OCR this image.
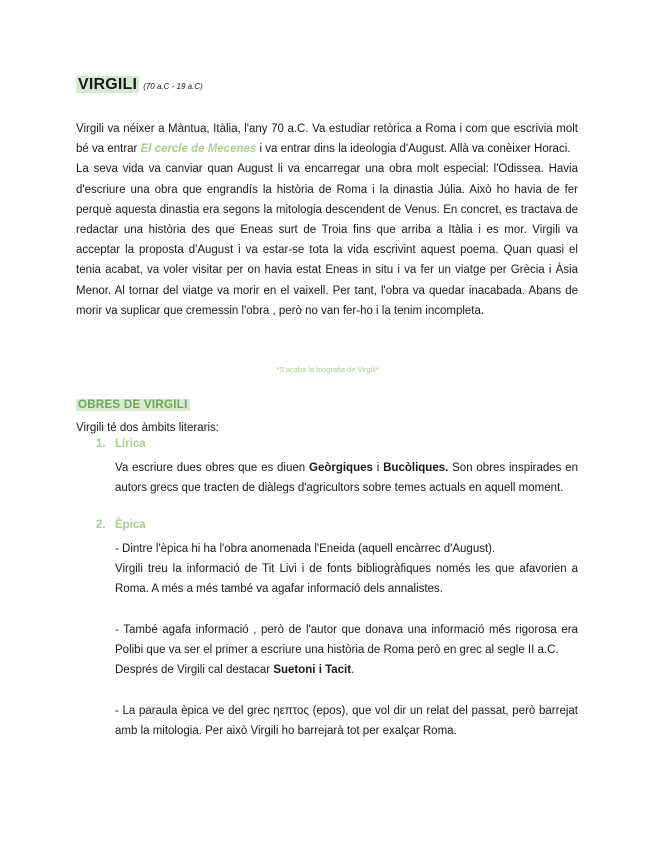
VIRGILI (70 a.C - 19 a.C)
Virgili va néixer a Màntua, Itàlia, l'any 70 a.C. Va estudiar retòrica a Roma i com que escrivia molt bé va entrar El cercle de Mecenes i va entrar dins la ideologia d'August. Allà va conèixer Horaci.
La seva vida va canviar quan August li va encarregar una obra molt especial: l'Odissea. Havia d'escriure una obra que engrandís la història de Roma i la dinastia Júlia. Això ho havia de fer perquè aquesta dinastia era segons la mitologia descendent de Venus. En concret, es tractava de redactar una història des que Eneas surt de Troia fins que arriba a Itàlia i es mor. Virgili va acceptar la proposta d'August i va estar-se tota la vida escrivint aquest poema. Quan quasi el tenia acabat, va voler visitar per on havia estat Eneas in situ i va fer un viatge per Grècia i Àsia Menor. Al tornar del viatge va morir en el vaixell. Per tant, l'obra va quedar inacabada. Abans de morir va suplicar que cremessin l'obra , però no van fer-ho i la tenim incompleta.
*S'acaba la biografia de Virgili*
OBRES DE VIRGILI
Virgili té dos àmbits literaris:
1. Lírica

Va escriure dues obres que es diuen Geòrgiques i Bucòliques. Son obres inspirades en autors grecs que tracten de diàlegs d'agricultors sobre temes actuals en aquell moment.

2. Èpica

- Dintre l'èpica hi ha l'obra anomenada l'Eneida (aquell encàrrec d'August).

Virgili treu la informació de Tit Livi i de fonts bibliogràfiques només les que afavorien a Roma. A més a més també va agafar informació dels annalistes.

- També agafa informació , però de l'autor que donava una informació més rigorosa era Polibi que va ser el primer a escriure una història de Roma però en grec al segle II a.C.

Després de Virgili cal destacar Suetoni i Tacit.

- La paraula èpica ve del grec ηεπτος (epos), que vol dir un relat del passat, però barrejat amb la mitologia. Per això Virgili ho barrejarà tot per exalçar Roma.
